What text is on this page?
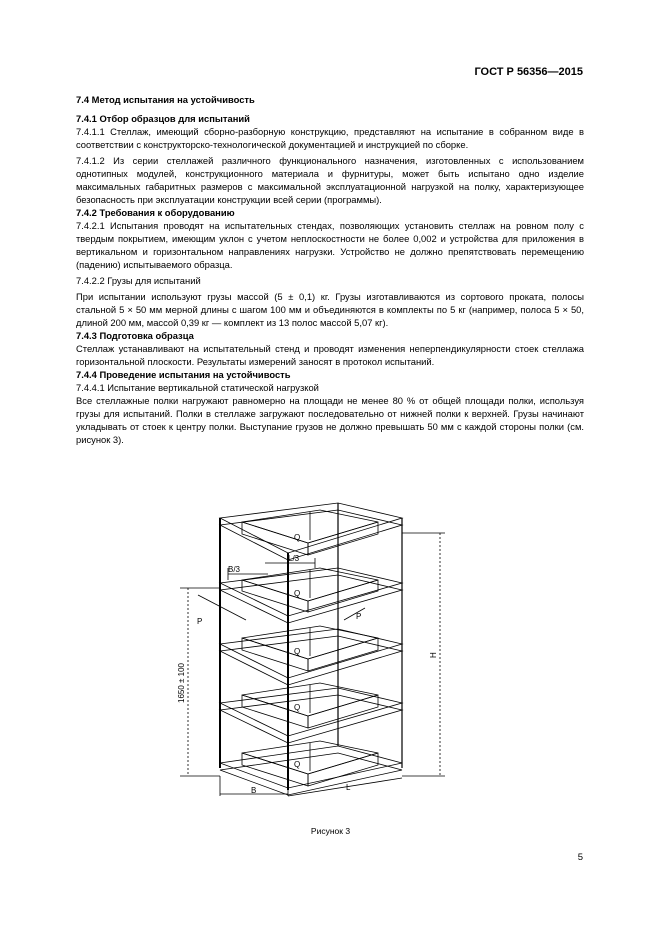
ГОСТ Р 56356—2015
7.4 Метод испытания на устойчивость
7.4.1 Отбор образцов для испытаний
7.4.1.1 Стеллаж, имеющий сборно-разборную конструкцию, представляют на испытание в собранном виде в соответствии с конструкторско-технологической документацией и инструкцией по сборке.
7.4.1.2 Из серии стеллажей различного функционального назначения, изготовленных с использованием однотипных модулей, конструкционного материала и фурнитуры, может быть испытано одно изделие максимальных габаритных размеров с максимальной эксплуатационной нагрузкой на полку, характеризующее безопасность при эксплуатации конструкции всей серии (программы).
7.4.2 Требования к оборудованию
7.4.2.1 Испытания проводят на испытательных стендах, позволяющих установить стеллаж на ровном полу с твердым покрытием, имеющим уклон с учетом неплоскостности не более 0,002 и устройства для приложения в вертикальном и горизонтальном направлениях нагрузки. Устройство не должно препятствовать перемещению (падению) испытываемого образца.
7.4.2.2 Грузы для испытаний
При испытании используют грузы массой (5 ± 0,1) кг. Грузы изготавливаются из сортового проката, полосы стальной 5 × 50 мм мерной длины с шагом 100 мм и объединяются в комплекты по 5 кг (например, полоса 5 × 50, длиной 200 мм, массой 0,39 кг — комплект из 13 полос массой 5,07 кг).
7.4.3 Подготовка образца
Стеллаж устанавливают на испытательный стенд и проводят изменения неперпендикулярности стоек стеллажа горизонтальной плоскости. Результаты измерений заносят в протокол испытаний.
7.4.4 Проведение испытания на устойчивость
7.4.4.1 Испытание вертикальной статической нагрузкой
Все стеллажные полки нагружают равномерно на площади не менее 80 % от общей площади полки, используя грузы для испытаний. Полки в стеллаже загружают последовательно от нижней полки к верхней. Грузы начинают укладывать от стоек к центру полки. Выступание грузов не должно превышать 50 мм с каждой стороны полки (см. рисунок 3).
Q
Q
Q
Q
Q
L/3
B/3
P
P
H
L
B
1650 ± 100
Рисунок 3
5
